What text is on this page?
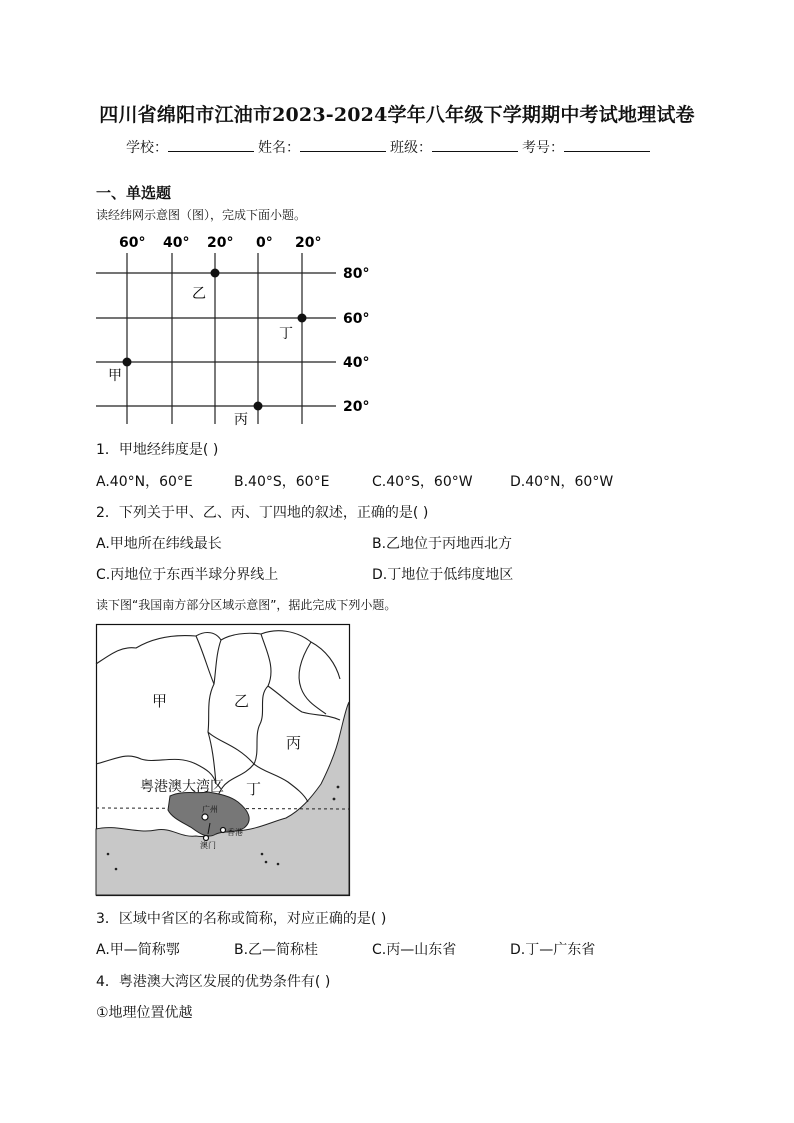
四川省绵阳市江油市2023-2024学年八年级下学期期中考试地理试卷
学校：	姓名：	班级：	考号：
一、单选题
读经纬网示意图（图），完成下面小题。
60° 40° 20° 0° 20°
80°
60°
40°
20°
甲
乙
丙
丁
1．甲地经纬度是( )
A.40°N，60°E	B.40°S，60°E	C.40°S，60°W	D.40°N，60°W
2．下列关于甲、乙、丙、丁四地的叙述，正确的是( )
A.甲地所在纬线最长	B.乙地位于丙地西北方
C.丙地位于东西半球分界线上	D.丁地位于低纬度地区
读下图“我国南方部分区域示意图”，据此完成下列小题。
甲	乙
丙
丁
粤港澳大湾区
广州
香港
澳门
3．区域中省区的名称或简称，对应正确的是( )
A.甲—简称鄂	B.乙—简称桂	C.丙—山东省	D.丁—广东省
4．粤港澳大湾区发展的优势条件有( )
①地理位置优越
